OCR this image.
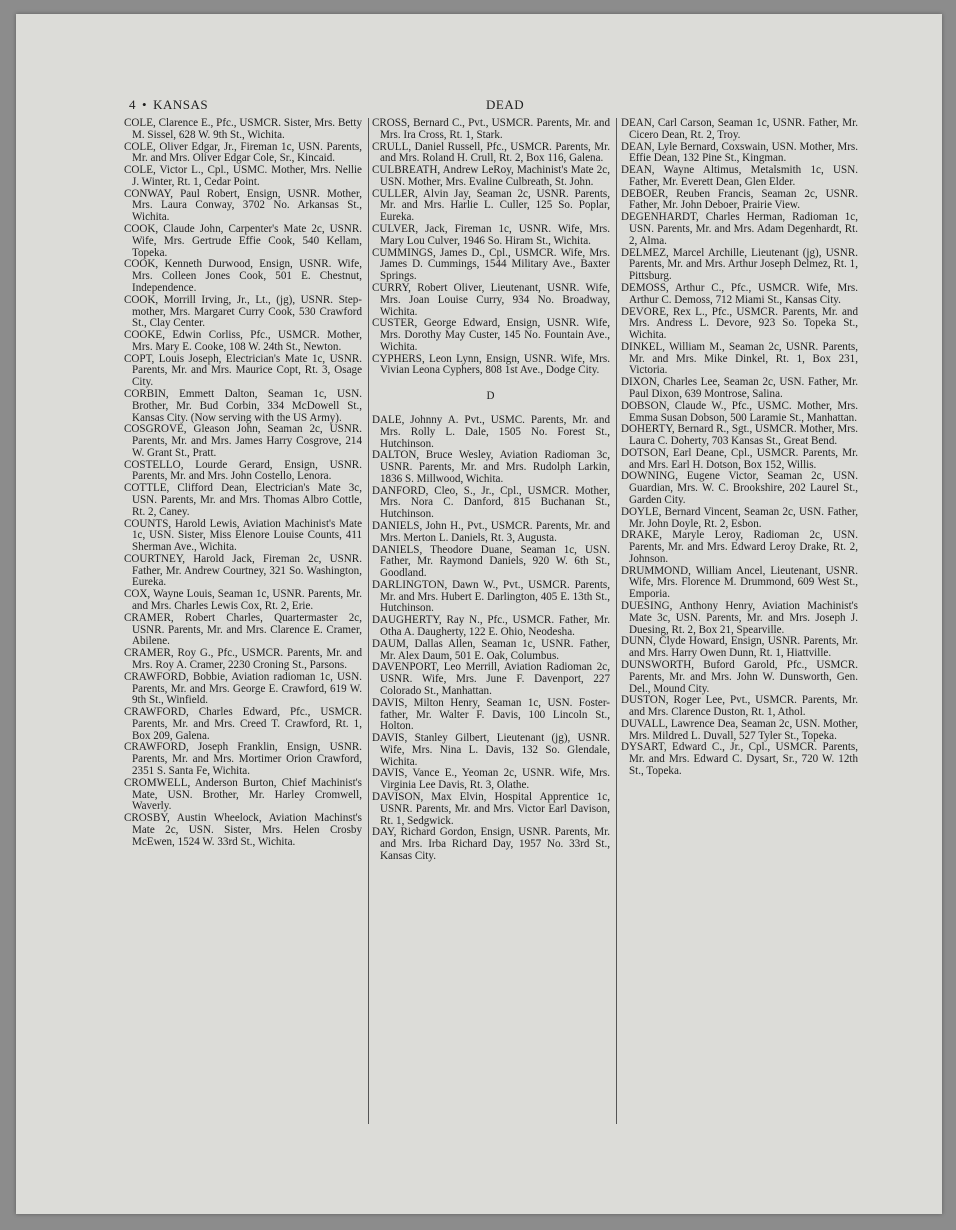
4 • KANSAS	DEAD

COLE, Clarence E., Pfc., USMCR. Sister, Mrs. Betty M. Sissel, 628 W. 9th St., Wichita.

COLE, Oliver Edgar, Jr., Fireman 1c, USN. Parents, Mr. and Mrs. Oliver Edgar Cole, Sr., Kincaid.

COLE, Victor L., Cpl., USMC. Mother, Mrs. Nellie J. Winter, Rt. 1, Cedar Point.

CONWAY, Paul Robert, Ensign, USNR. Mother, Mrs. Laura Conway, 3702 No. Arkansas St., Wichita.

COOK, Claude John, Carpenter's Mate 2c, USNR. Wife, Mrs. Gertrude Effie Cook, 540 Kellam, Topeka.

COOK, Kenneth Durwood, Ensign, USNR. Wife, Mrs. Colleen Jones Cook, 501 E. Chestnut, Independence.

COOK, Morrill Irving, Jr., Lt., (jg), USNR. Step-mother, Mrs. Margaret Curry Cook, 530 Crawford St., Clay Center.

COOKE, Edwin Corliss, Pfc., USMCR. Mother, Mrs. Mary E. Cooke, 108 W. 24th St., Newton.

COPT, Louis Joseph, Electrician's Mate 1c, USNR. Parents, Mr. and Mrs. Maurice Copt, Rt. 3, Osage City.

CORBIN, Emmett Dalton, Seaman 1c, USN. Brother, Mr. Bud Corbin, 334 McDowell St., Kansas City. (Now serving with the US Army).

COSGROVE, Gleason John, Seaman 2c, USNR. Parents, Mr. and Mrs. James Harry Cosgrove, 214 W. Grant St., Pratt.

COSTELLO, Lourde Gerard, Ensign, USNR. Parents, Mr. and Mrs. John Costello, Lenora.

COTTLE, Clifford Dean, Electrician's Mate 3c, USN. Parents, Mr. and Mrs. Thomas Albro Cottle, Rt. 2, Caney.

COUNTS, Harold Lewis, Aviation Machinist's Mate 1c, USN. Sister, Miss Elenore Louise Counts, 411 Sherman Ave., Wichita.

COURTNEY, Harold Jack, Fireman 2c, USNR. Father, Mr. Andrew Courtney, 321 So. Washington, Eureka.

COX, Wayne Louis, Seaman 1c, USNR. Parents, Mr. and Mrs. Charles Lewis Cox, Rt. 2, Erie.

CRAMER, Robert Charles, Quartermaster 2c, USNR. Parents, Mr. and Mrs. Clarence E. Cramer, Abilene.

CRAMER, Roy G., Pfc., USMCR. Parents, Mr. and Mrs. Roy A. Cramer, 2230 Croning St., Parsons.

CRAWFORD, Bobbie, Aviation radioman 1c, USN. Parents, Mr. and Mrs. George E. Crawford, 619 W. 9th St., Winfield.

CRAWFORD, Charles Edward, Pfc., USMCR. Parents, Mr. and Mrs. Creed T. Crawford, Rt. 1, Box 209, Galena.

CRAWFORD, Joseph Franklin, Ensign, USNR. Parents, Mr. and Mrs. Mortimer Orion Crawford, 2351 S. Santa Fe, Wichita.

CROMWELL, Anderson Burton, Chief Machinist's Mate, USN. Brother, Mr. Harley Cromwell, Waverly.

CROSBY, Austin Wheelock, Aviation Machinst's Mate 2c, USN. Sister, Mrs. Helen Crosby McEwen, 1524 W. 33rd St., Wichita.

CROSS, Bernard C., Pvt., USMCR. Parents, Mr. and Mrs. Ira Cross, Rt. 1, Stark.

CRULL, Daniel Russell, Pfc., USMCR. Parents, Mr. and Mrs. Roland H. Crull, Rt. 2, Box 116, Galena.

CULBREATH, Andrew LeRoy, Machinist's Mate 2c, USN. Mother, Mrs. Evaline Culbreath, St. John.

CULLER, Alvin Jay, Seaman 2c, USNR. Parents, Mr. and Mrs. Harlie L. Culler, 125 So. Poplar, Eureka.

CULVER, Jack, Fireman 1c, USNR. Wife, Mrs. Mary Lou Culver, 1946 So. Hiram St., Wichita.

CUMMINGS, James D., Cpl., USMCR. Wife, Mrs. James D. Cummings, 1544 Military Ave., Baxter Springs.

CURRY, Robert Oliver, Lieutenant, USNR. Wife, Mrs. Joan Louise Curry, 934 No. Broadway, Wichita.

CUSTER, George Edward, Ensign, USNR. Wife, Mrs. Dorothy May Custer, 145 No. Fountain Ave., Wichita.

CYPHERS, Leon Lynn, Ensign, USNR. Wife, Mrs. Vivian Leona Cyphers, 808 1st Ave., Dodge City.

D

DALE, Johnny A. Pvt., USMC. Parents, Mr. and Mrs. Rolly L. Dale, 1505 No. Forest St., Hutchinson.

DALTON, Bruce Wesley, Aviation Radioman 3c, USNR. Parents, Mr. and Mrs. Rudolph Larkin, 1836 S. Millwood, Wichita.

DANFORD, Cleo, S., Jr., Cpl., USMCR. Mother, Mrs. Nora C. Danford, 815 Buchanan St., Hutchinson.

DANIELS, John H., Pvt., USMCR. Parents, Mr. and Mrs. Merton L. Daniels, Rt. 3, Augusta.

DANIELS, Theodore Duane, Seaman 1c, USN. Father, Mr. Raymond Daniels, 920 W. 6th St., Goodland.

DARLINGTON, Dawn W., Pvt., USMCR. Parents, Mr. and Mrs. Hubert E. Darlington, 405 E. 13th St., Hutchinson.

DAUGHERTY, Ray N., Pfc., USMCR. Father, Mr. Otha A. Daugherty, 122 E. Ohio, Neodesha.

DAUM, Dallas Allen, Seaman 1c, USNR. Father, Mr. Alex Daum, 501 E. Oak, Columbus.

DAVENPORT, Leo Merrill, Aviation Radioman 2c, USNR. Wife, Mrs. June F. Davenport, 227 Colorado St., Manhattan.

DAVIS, Milton Henry, Seaman 1c, USN. Foster-father, Mr. Walter F. Davis, 100 Lincoln St., Holton.

DAVIS, Stanley Gilbert, Lieutenant (jg), USNR. Wife, Mrs. Nina L. Davis, 132 So. Glendale, Wichita.

DAVIS, Vance E., Yeoman 2c, USNR. Wife, Mrs. Virginia Lee Davis, Rt. 3, Olathe.

DAVISON, Max Elvin, Hospital Apprentice 1c, USNR. Parents, Mr. and Mrs. Victor Earl Davison, Rt. 1, Sedgwick.

DAY, Richard Gordon, Ensign, USNR. Parents, Mr. and Mrs. Irba Richard Day, 1957 No. 33rd St., Kansas City.

DEAN, Carl Carson, Seaman 1c, USNR. Father, Mr. Cicero Dean, Rt. 2, Troy.

DEAN, Lyle Bernard, Coxswain, USN. Mother, Mrs. Effie Dean, 132 Pine St., Kingman.

DEAN, Wayne Altimus, Metalsmith 1c, USN. Father, Mr. Everett Dean, Glen Elder.

DEBOER, Reuben Francis, Seaman 2c, USNR. Father, Mr. John Deboer, Prairie View.

DEGENHARDT, Charles Herman, Radioman 1c, USN. Parents, Mr. and Mrs. Adam Degenhardt, Rt. 2, Alma.

DELMEZ, Marcel Archille, Lieutenant (jg), USNR. Parents, Mr. and Mrs. Arthur Joseph Delmez, Rt. 1, Pittsburg.

DEMOSS, Arthur C., Pfc., USMCR. Wife, Mrs. Arthur C. Demoss, 712 Miami St., Kansas City.

DEVORE, Rex L., Pfc., USMCR. Parents, Mr. and Mrs. Andress L. Devore, 923 So. Topeka St., Wichita.

DINKEL, William M., Seaman 2c, USNR. Parents, Mr. and Mrs. Mike Dinkel, Rt. 1, Box 231, Victoria.

DIXON, Charles Lee, Seaman 2c, USN. Father, Mr. Paul Dixon, 639 Montrose, Salina.

DOBSON, Claude W., Pfc., USMC. Mother, Mrs. Emma Susan Dobson, 500 Laramie St., Manhattan.

DOHERTY, Bernard R., Sgt., USMCR. Mother, Mrs. Laura C. Doherty, 703 Kansas St., Great Bend.

DOTSON, Earl Deane, Cpl., USMCR. Parents, Mr. and Mrs. Earl H. Dotson, Box 152, Willis.

DOWNING, Eugene Victor, Seaman 2c, USN. Guardian, Mrs. W. C. Brookshire, 202 Laurel St., Garden City.

DOYLE, Bernard Vincent, Seaman 2c, USN. Father, Mr. John Doyle, Rt. 2, Esbon.

DRAKE, Maryle Leroy, Radioman 2c, USN. Parents, Mr. and Mrs. Edward Leroy Drake, Rt. 2, Johnson.

DRUMMOND, William Ancel, Lieutenant, USNR. Wife, Mrs. Florence M. Drummond, 609 West St., Emporia.

DUESING, Anthony Henry, Aviation Machinist's Mate 3c, USN. Parents, Mr. and Mrs. Joseph J. Duesing, Rt. 2, Box 21, Spearville.

DUNN, Clyde Howard, Ensign, USNR. Parents, Mr. and Mrs. Harry Owen Dunn, Rt. 1, Hiattville.

DUNSWORTH, Buford Garold, Pfc., USMCR. Parents, Mr. and Mrs. John W. Dunsworth, Gen. Del., Mound City.

DUSTON, Roger Lee, Pvt., USMCR. Parents, Mr. and Mrs. Clarence Duston, Rt. 1, Athol.

DUVALL, Lawrence Dea, Seaman 2c, USN. Mother, Mrs. Mildred L. Duvall, 527 Tyler St., Topeka.

DYSART, Edward C., Jr., Cpl., USMCR. Parents, Mr. and Mrs. Edward C. Dysart, Sr., 720 W. 12th St., Topeka.
